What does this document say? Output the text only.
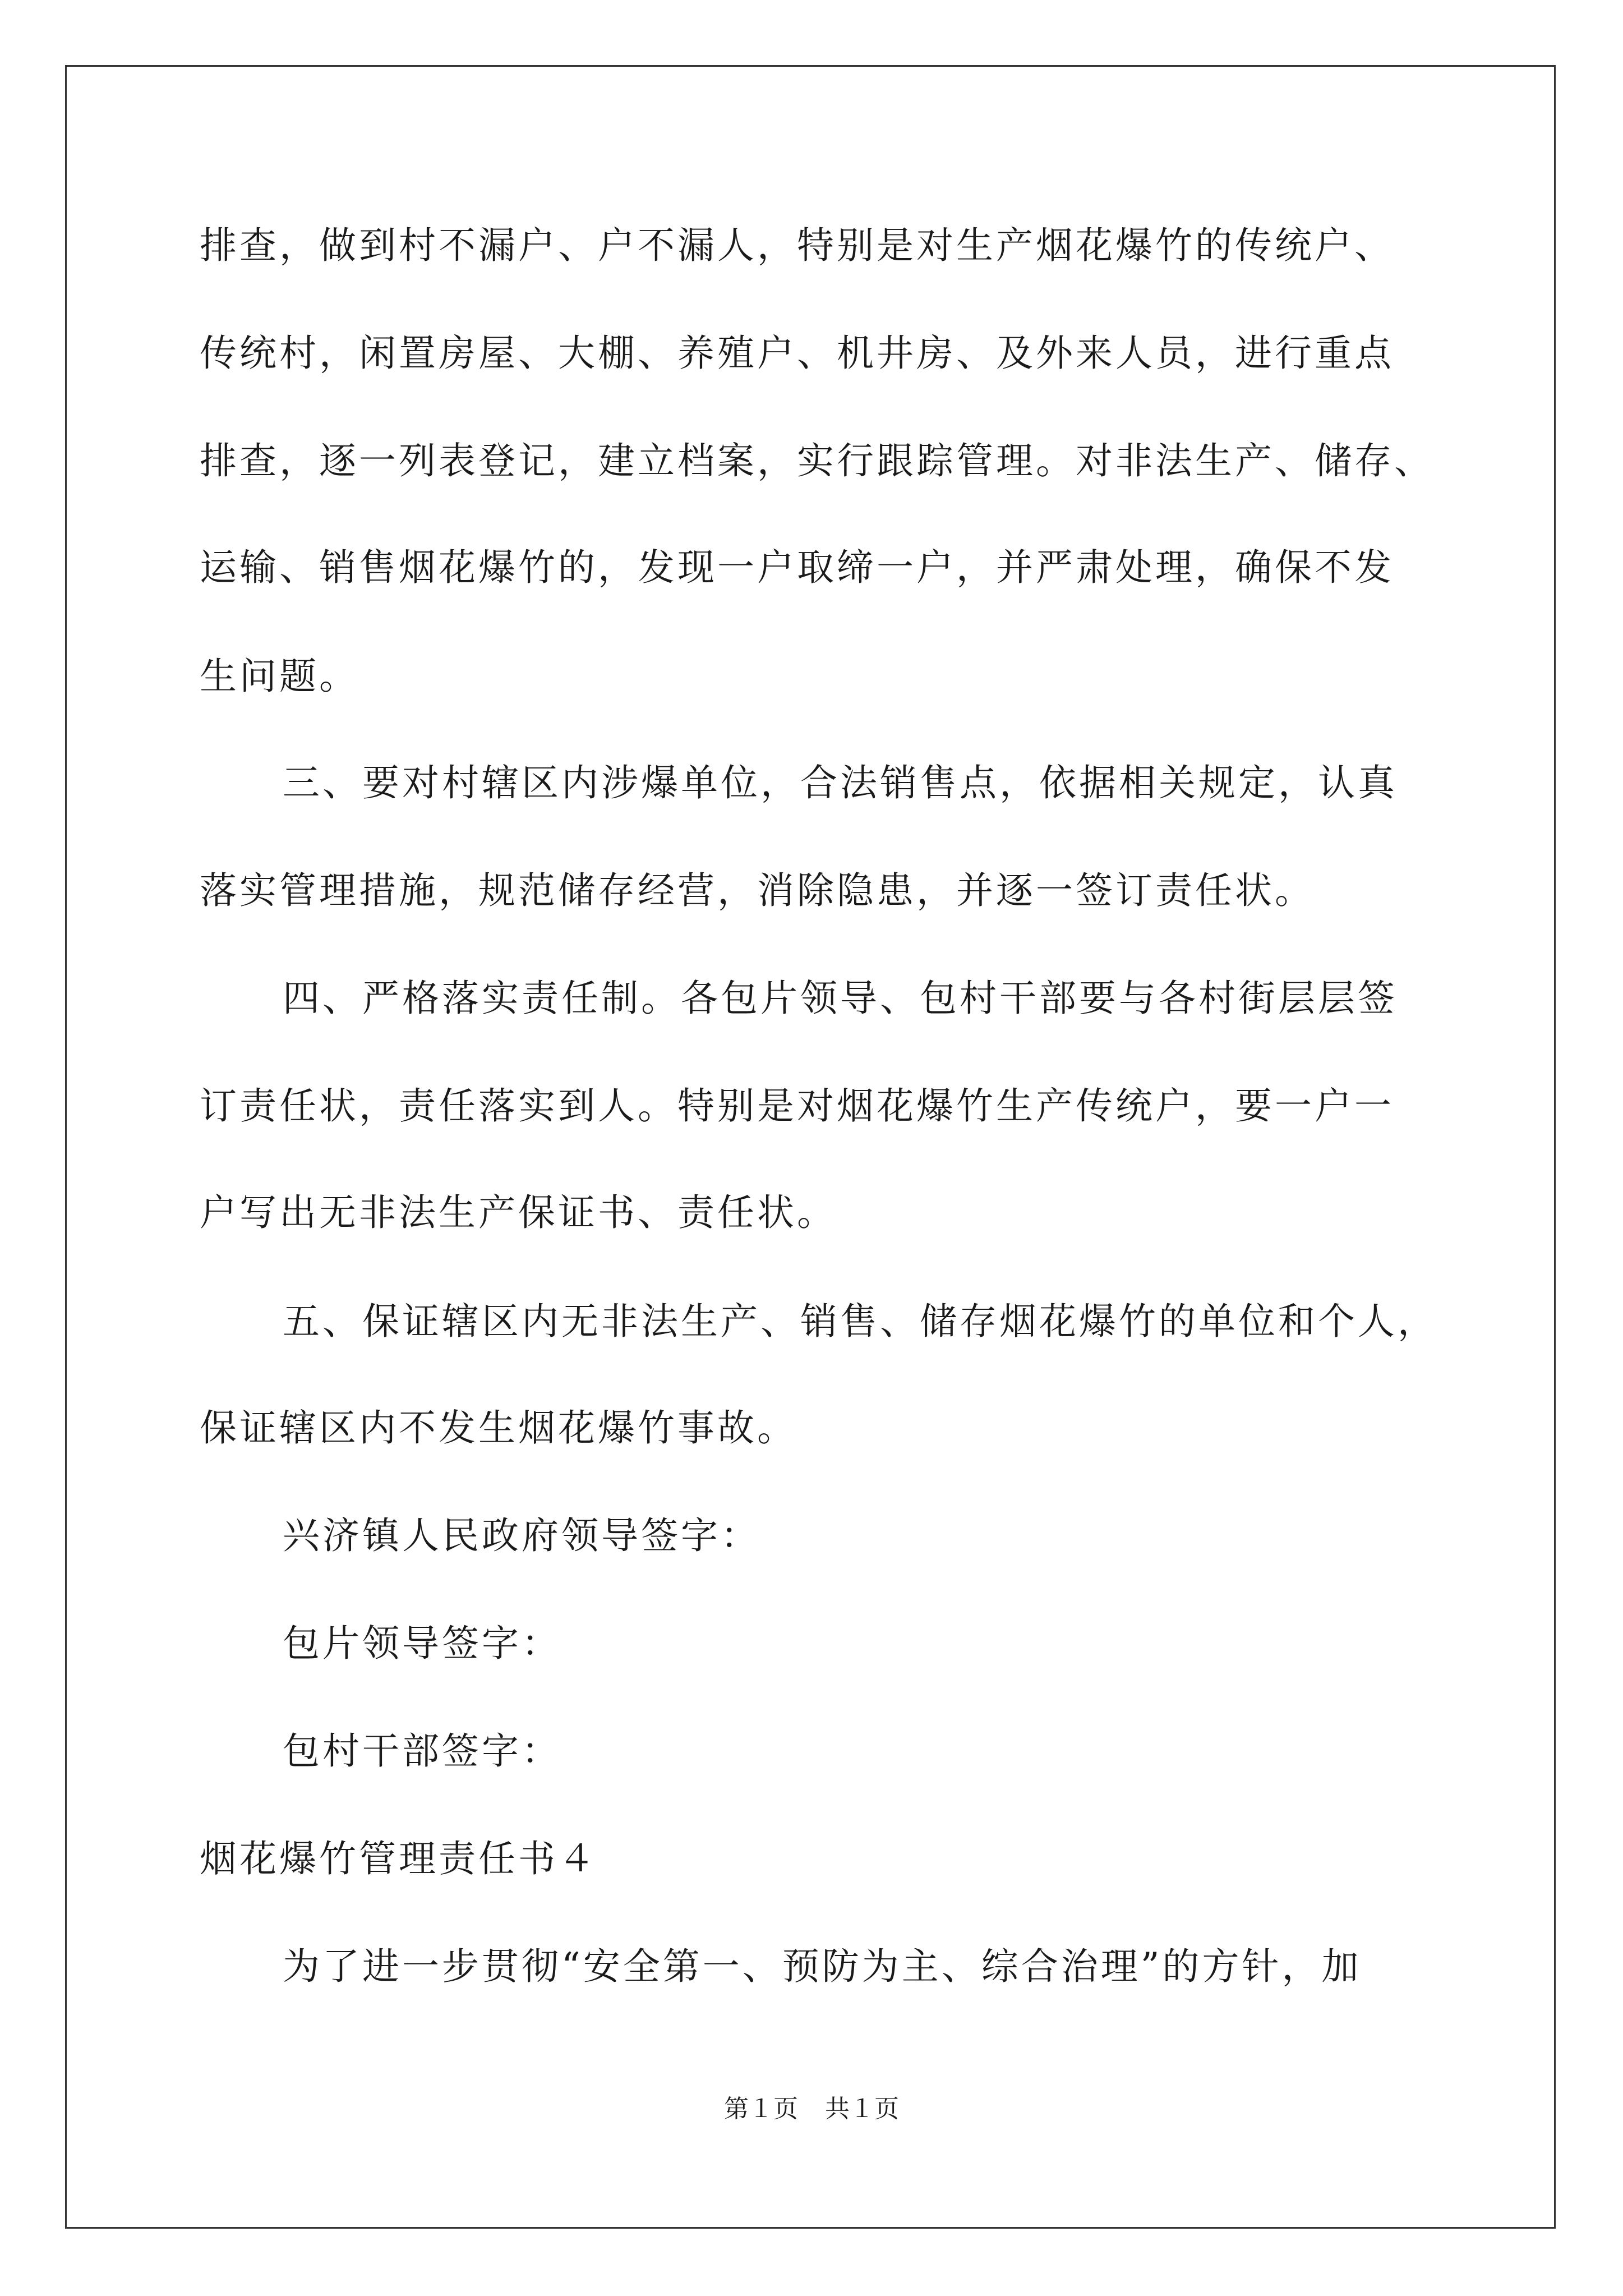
排查，做到村不漏户、户不漏人，特别是对生产烟花爆竹的传统户、
传统村，闲置房屋、大棚、养殖户、机井房、及外来人员，进行重点
排查，逐一列表登记，建立档案，实行跟踪管理。对非法生产、储存、
运输、销售烟花爆竹的，发现一户取缔一户，并严肃处理，确保不发
生问题。
三、要对村辖区内涉爆单位，合法销售点，依据相关规定，认真
落实管理措施，规范储存经营，消除隐患，并逐一签订责任状。
四、严格落实责任制。各包片领导、包村干部要与各村街层层签
订责任状，责任落实到人。特别是对烟花爆竹生产传统户，要一户一
户写出无非法生产保证书、责任状。
五、保证辖区内无非法生产、销售、储存烟花爆竹的单位和个人，
保证辖区内不发生烟花爆竹事故。
兴济镇人民政府领导签字：
包片领导签字：
包村干部签字：
烟花爆竹管理责任书４
为了进一步贯彻“安全第一、预防为主、综合治理”的方针，加
第１页 共１页
